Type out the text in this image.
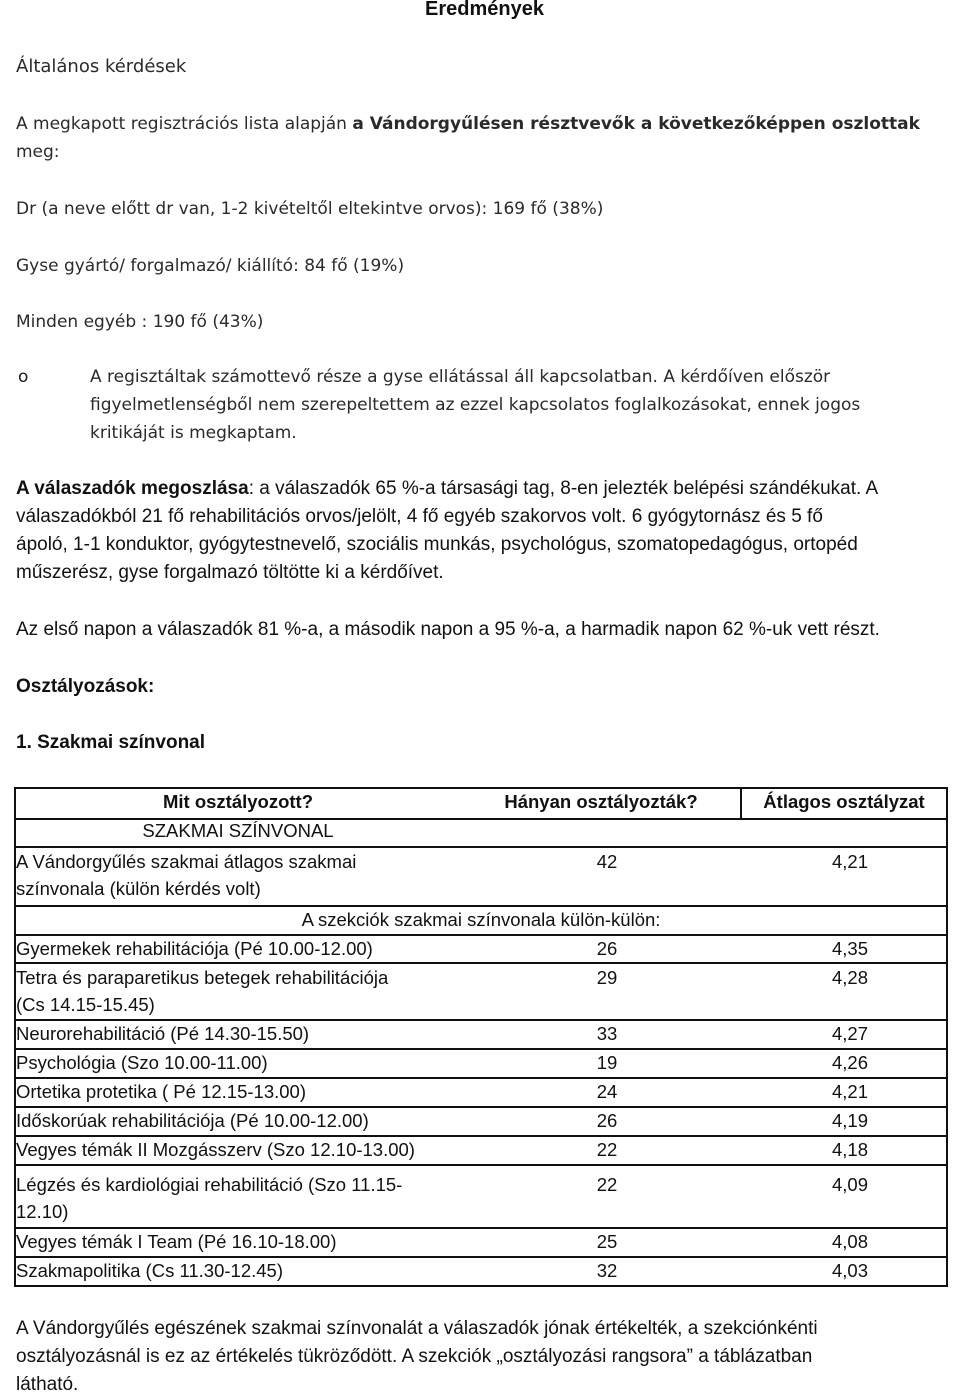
Eredmények
Általános kérdések
A megkapott regisztrációs lista alapján a Vándorgyűlésen résztvevők a következőképpen oszlottak
meg:
Dr (a neve előtt dr van, 1-2 kivételtől eltekintve orvos): 169 fő (38%)
Gyse gyártó/ forgalmazó/ kiállító: 84 fő (19%)
Minden egyéb : 190 fő (43%)
o	A regisztáltak számottevő része a gyse ellátással áll kapcsolatban. A kérdőíven először
figyelmetlenségből nem szerepeltettem az ezzel kapcsolatos foglalkozásokat, ennek jogos
kritikáját is megkaptam.
A válaszadók megoszlása: a válaszadók 65 %-a társasági tag, 8-en jelezték belépési szándékukat. A
válaszadókból 21 fő rehabilitációs orvos/jelölt, 4 fő egyéb szakorvos volt. 6 gyógytornász és 5 fő
ápoló, 1-1 konduktor, gyógytestnevelő, szociális munkás, psychológus, szomatopedagógus, ortopéd
műszerész, gyse forgalmazó töltötte ki a kérdőívet.
Az első napon a válaszadók 81 %-a, a második napon a 95 %-a, a harmadik napon 62 %-uk vett részt.
Osztályozások:
1. Szakmai színvonal
Mit osztályozott?	Hányan osztályozták?	Átlagos osztályzat
SZAKMAI SZÍNVONAL
A Vándorgyűlés szakmai átlagos szakmai
színvonala (külön kérdés volt)
42	4,21
A szekciók szakmai színvonala külön-külön:
Gyermekek rehabilitációja (Pé 10.00-12.00)	26	4,35
Tetra és paraparetikus betegek rehabilitációja
(Cs 14.15-15.45)
29	4,28
Neurorehabilitáció (Pé 14.30-15.50)	33	4,27
Psychológia (Szo 10.00-11.00)	19	4,26
Ortetika protetika ( Pé 12.15-13.00)	24	4,21
Időskorúak rehabilitációja (Pé 10.00-12.00)	26	4,19
Vegyes témák II Mozgásszerv (Szo 12.10-13.00)	22	4,18
Légzés és kardiológiai rehabilitáció (Szo 11.15-
12.10)
22	4,09
Vegyes témák I Team (Pé 16.10-18.00)	25	4,08
Szakmapolitika (Cs 11.30-12.45)	32	4,03
A Vándorgyűlés egészének szakmai színvonalát a válaszadók jónak értékelték, a szekciónkénti
osztályozásnál is ez az értékelés tükröződött. A szekciók „osztályozási rangsora” a táblázatban
látható.
